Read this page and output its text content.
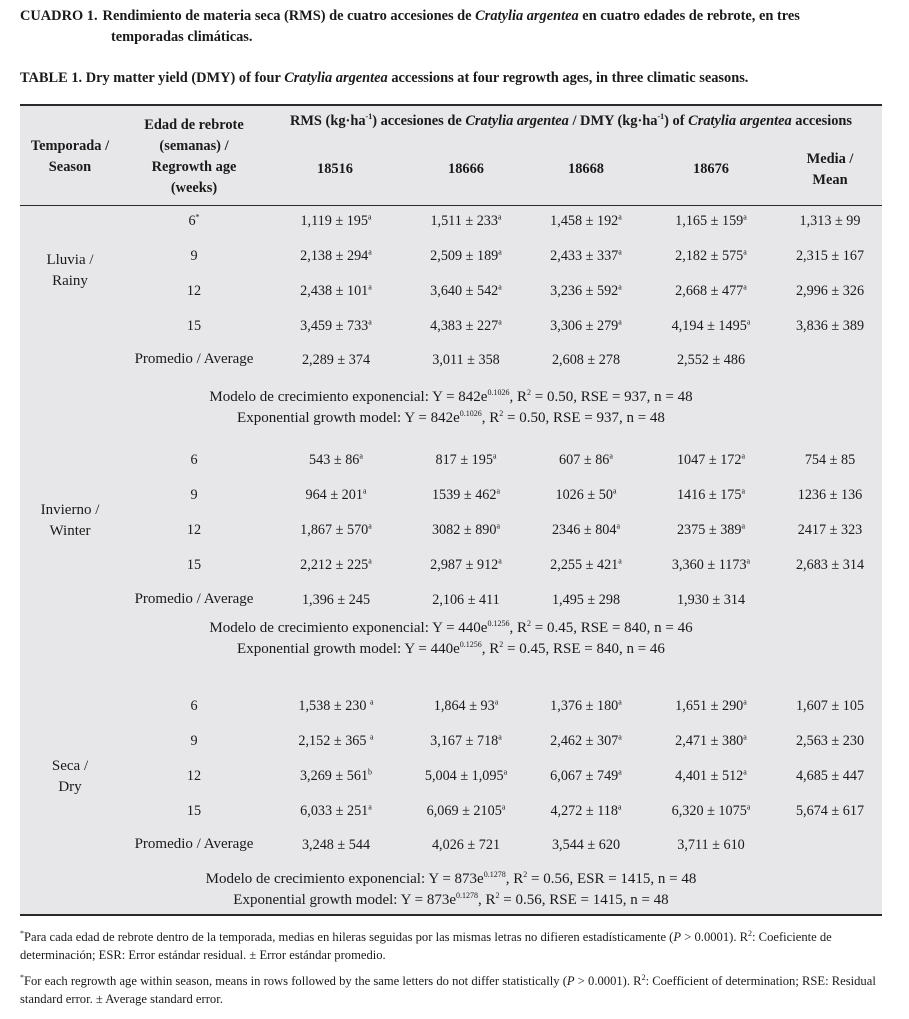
CUADRO 1. Rendimiento de materia seca (RMS) de cuatro accesiones de Cratylia argentea en cuatro edades de rebrote, en tres
temporadas climáticas.
TABLE 1. Dry matter yield (DMY) of four Cratylia argentea accessions at four regrowth ages, in three climatic seasons.
Temporada /
Season
Edad de rebrote
(semanas) /
Regrowth age
(weeks)
RMS $(kg\cdot ha^{-1})$ accesiones de Cratylia argentea / DMY $(kg\cdot ha^{-1})$ of Cratylia argentea accesions
18516	18666	18668	18676
Media /
Mean
Lluvia /
Rainy
6*	$1,119 \pm 195^a$	$1,511 \pm 233^a$	$1,458 \pm 192^a$	$1,165 \pm 159^a$	1,313 ± 99
9	$2,138 \pm 294^a$	$2,509 \pm 189^a$	$2,433 \pm 337^a$	$2,182 \pm 575^a$	2,315 ± 167
12	$2,438 \pm 101^a$	$3,640 \pm 542^a$	$3,236 \pm 592^a$	$2,668 \pm 477^a$	2,996 ± 326
15	$3,459 \pm 733^a$	$4,383 \pm 227^a$	$3,306 \pm 279^a$	$4,194 \pm 1495^a$	3,836 ± 389
Promedio / Average	2,289 ± 374	3,011 ± 358	2,608 ± 278	2,552 ± 486
Modelo de crecimiento exponencial: $Y = 842e^{0.1026}$, $R^2 = 0.50$, RSE = 937, n = 48
Exponential growth model: $Y = 842e^{0.1026}$, $R^2 = 0.50$, RSE = 937, n = 48
Invierno /
Winter
6	$543 \pm 86^a$	$817 \pm 195^a$	$607 \pm 86^a$	$1047 \pm 172^a$	754 ± 85
9	$964 \pm 201^a$	$1539 \pm 462^a$	$1026 \pm 50^a$	$1416 \pm 175^a$	1236 ± 136
12	$1,867 \pm 570^a$	$3082 \pm 890^a$	$2346 \pm 804^a$	$2375 \pm 389^a$	2417 ± 323
15	$2,212 \pm 225^a$	$2,987 \pm 912^a$	$2,255 \pm 421^a$	$3,360 \pm 1173^a$	2,683 ± 314
Promedio / Average	1,396 ± 245	2,106 ± 411	1,495 ± 298	1,930 ± 314
Modelo de crecimiento exponencial: $Y = 440e^{0.1256}$, $R^2 = 0.45$, RSE = 840, n = 46
Exponential growth model: $Y = 440e^{0.1256}$, $R^2 = 0.45$, RSE = 840, n = 46
Seca /
Dry
6	1,538 ± 230 $^a$	$1,864 \pm 93^a$	$1,376 \pm 180^a$	$1,651 \pm 290^a$	1,607 ± 105
9	2,152 ± 365 $^a$	$3,167 \pm 718^a$	$2,462 \pm 307^a$	$2,471 \pm 380^a$	2,563 ± 230
12	$3,269 \pm 561^b$	5,004 ± 1,095$^a$	$6,067 \pm 749^a$	$4,401 \pm 512^a$	4,685 ± 447
15	$6,033 \pm 251^a$	$6,069 \pm 2105^a$	$4,272 \pm 118^a$	$6,320 \pm 1075^a$	5,674 ± 617
Promedio / Average	3,248 ± 544	4,026 ± 721	3,544 ± 620	3,711 ± 610
Modelo de crecimiento exponencial: $Y = 873e^{0.1278}$, $R^2 = 0.56$, ESR = 1415, n = 48
Exponential growth model: $Y = 873e^{0.1278}$, $R^2 = 0.56$, RSE = 1415, n = 48
*Para cada edad de rebrote dentro de la temporada, medias en hileras seguidas por las mismas letras no difieren estadísticamente (P > 0.0001). $R^2$: Coeficiente de determinación; ESR: Error estándar residual. ± Error estándar promedio.
*For each regrowth age within season, means in rows followed by the same letters do not differ statistically (P > 0.0001). $R^2$: Coefficient of determination; RSE: Residual standard error. ± Average standard error.
